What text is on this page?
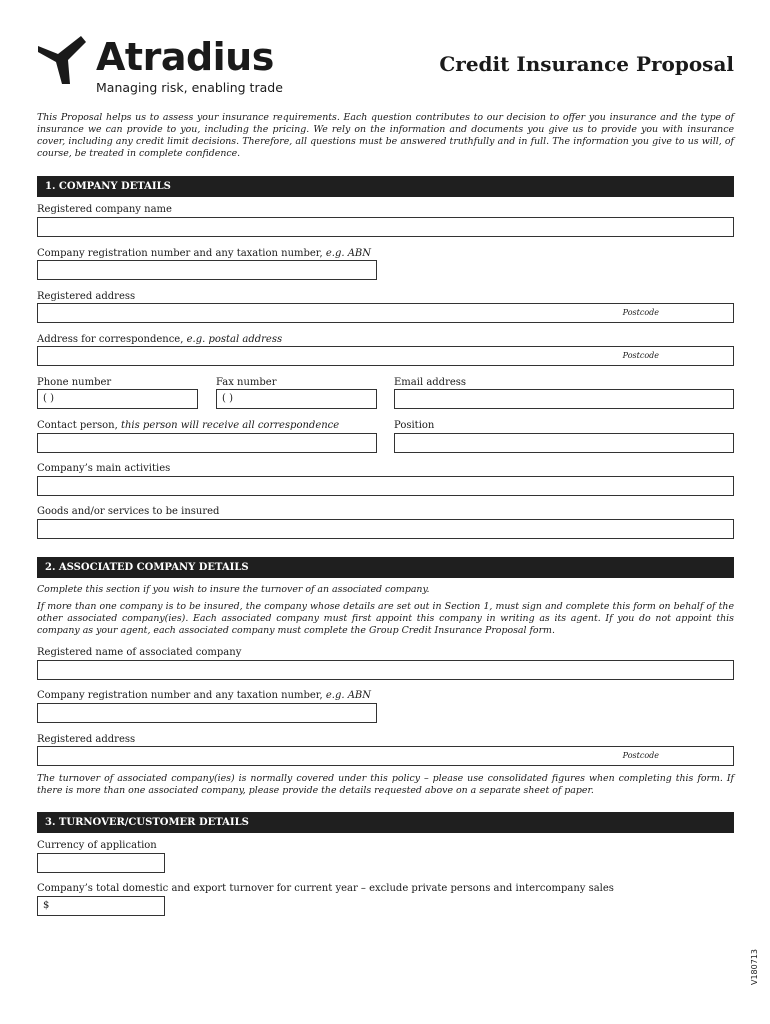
Atradius
Managing risk, enabling trade
Credit Insurance Proposal
This Proposal helps us to assess your insurance requirements. Each question contributes to our decision to offer you insurance and the type of insurance we can provide to you, including the pricing. We rely on the information and documents you give us to provide you with insurance cover, including any credit limit decisions. Therefore, all questions must be answered truthfully and in full. The information you give to us will, of course, be treated in complete confidence.
1. COMPANY DETAILS
Registered company name
Company registration number and any taxation number, e.g. ABN
Registered address
Postcode
Address for correspondence, e.g. postal address
Postcode
Phone number
( )
Fax number
( )
Email address
Contact person, this person will receive all correspondence	Position
Company’s main activities
Goods and/or services to be insured
2. ASSOCIATED COMPANY DETAILS
Complete this section if you wish to insure the turnover of an associated company.
If more than one company is to be insured, the company whose details are set out in Section 1, must sign and complete this form on behalf of the other associated company(ies). Each associated company must first appoint this company in writing as its agent. If you do not appoint this company as your agent, each associated company must complete the Group Credit Insurance Proposal form.
Registered name of associated company
Company registration number and any taxation number, e.g. ABN
Registered address
Postcode
The turnover of associated company(ies) is normally covered under this policy – please use consolidated figures when completing this form. If there is more than one associated company, please provide the details requested above on a separate sheet of paper.
3. TURNOVER/CUSTOMER DETAILS
Currency of application
Company’s total domestic and export turnover for current year – exclude private persons and intercompany sales
$
V180713
